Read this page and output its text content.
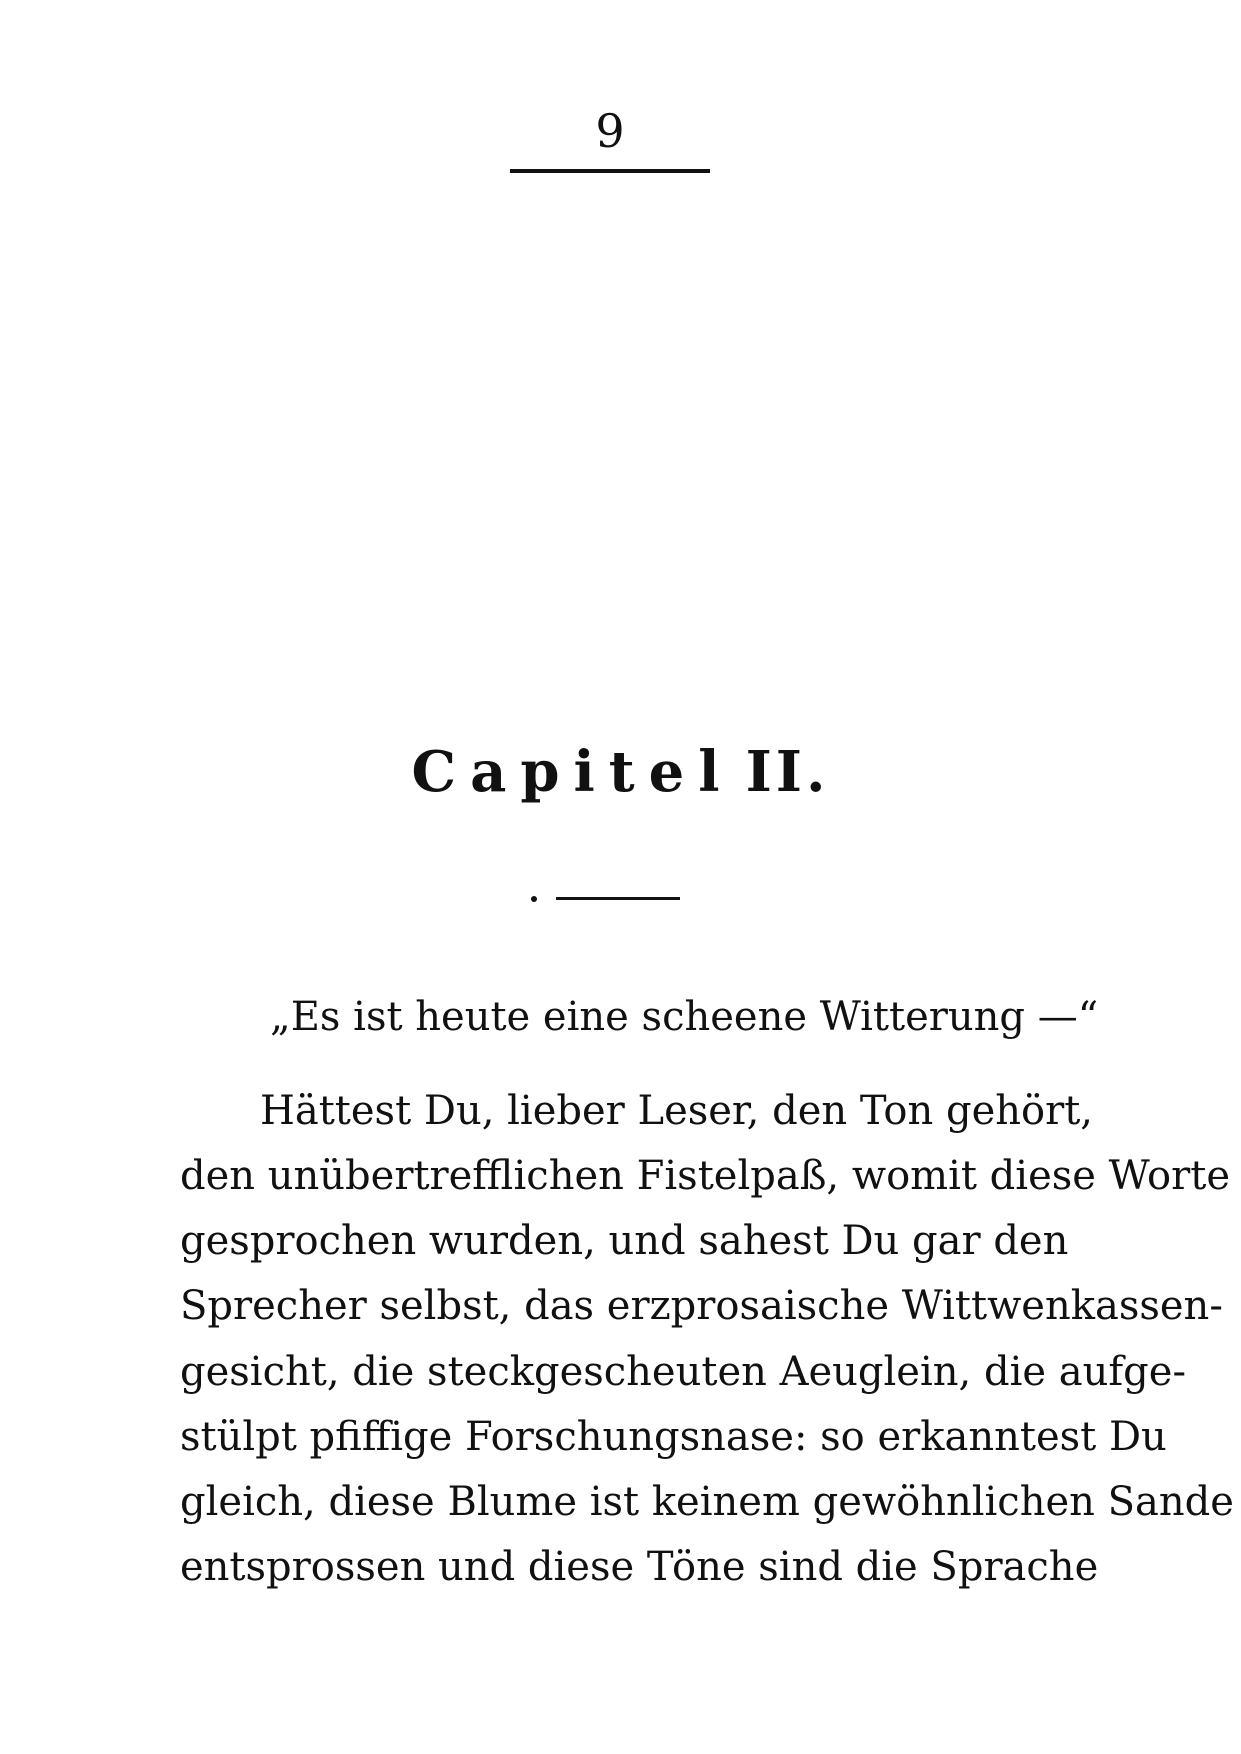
9
Capitel II.
„Es ist heute eine scheene Witterung —“
Hättest Du, lieber Leser, den Ton gehört,
den unübertrefflichen Fistelpaß, womit diese Worte
gesprochen wurden, und sahest Du gar den
Sprecher selbst, das erzprosaische Wittwenkassen-
gesicht, die steckgescheuten Aeuglein, die aufge-
stülpt pfiffige Forschungsnase: so erkanntest Du
gleich, diese Blume ist keinem gewöhnlichen Sande
entsprossen und diese Töne sind die Sprache
